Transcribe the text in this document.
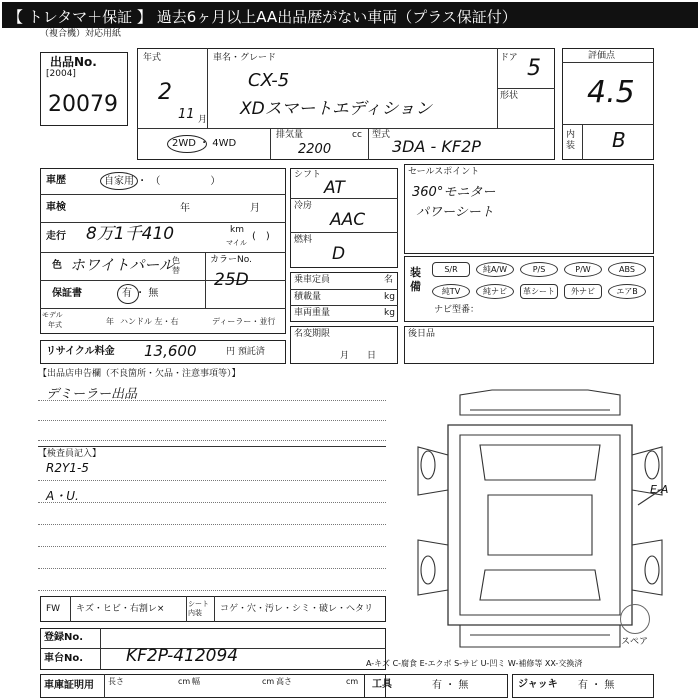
【 トレタマ＋保証 】 過去6ヶ月以上AA出品歴がない車両（プラス保証付）
（複合機）対応用紙
出品No.
[2004]
20079
年式
2
11 月
車名・グレード
CX-5
XDスマートエディション
ドア 5
形状
2WD ・ 4WD
排気量	cc
2200
型式
3DA - KF2P
評価点
4.5
内装 B
車歴	自家用 ・ （　　　　　）
車検	年	月
走行 8万1千410	km
マイル
(　)
色 ホワイトパール
色替
カラーNo.
25D
保証書	有 ・ 無
モデル
年式	年 ハンドル 左・右	ディーラー・並行
リサイクル料金 13,600	円 預託済
シフト
AT
冷房
AAC
燃料
D
乗車定員	名
積載量	kg
車両重量	kg
名変期限
月　　日
セールスポイント
360°モニター
パワーシート
装備
S/R	純A/W	P/S	P/W	ABS
純TV	純ナビ	革シート	外ナビ	エアB
ナビ型番：
後日品
【出品店申告欄（不良箇所・欠品・注意事項等）】
デミーラー出品
【検査員記入】
R2Y1-5
A・U.
FW キズ・ヒビ・右割レ×	シート内装	コゲ・穴・汚レ・シミ・破レ・ヘタリ
登録No.
車台No.	KF2P-412094
車庫証明用 長さ	cm 幅	cm 高さ	cm
E-A
スペア
A-キズ C-腐食 E-エクボ S-サビ U-凹ミ W-補修等 XX-交換済
工具	有 ・ 無	ジャッキ 有 ・ 無
